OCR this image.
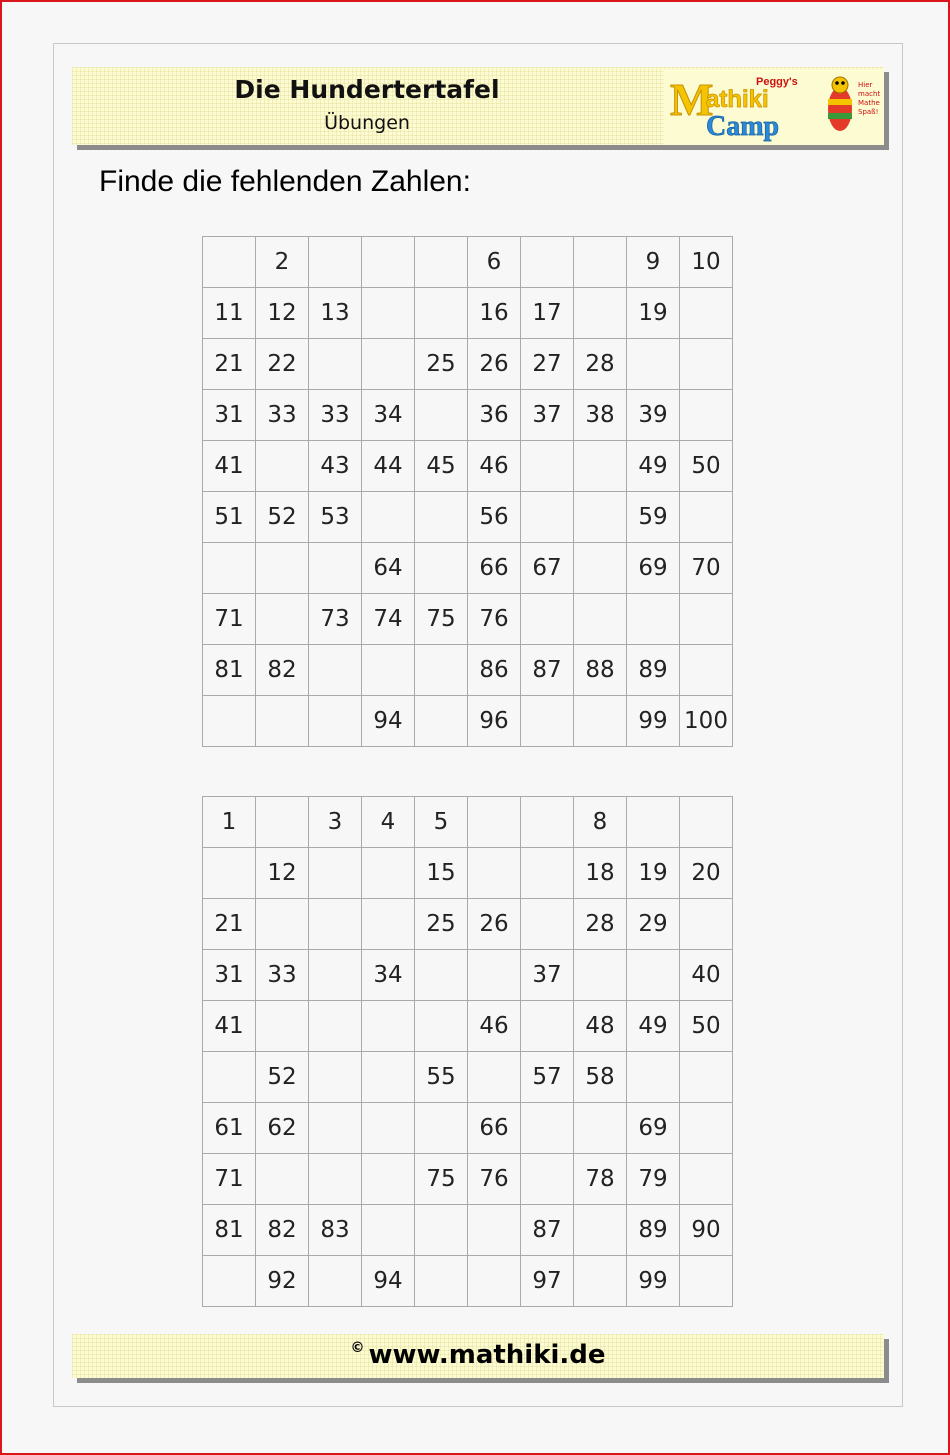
Die Hundertertafel
Übungen	M
athiki
Camp
Peggy's	Hier
macht
Mathe
Spaß!
Finde die fehlenden Zahlen:
	2				6			9	10
11	12	13			16	17		19	
21	22			25	26	27	28		
31	33	33	34		36	37	38	39	
41		43	44	45	46			49	50
51	52	53			56			59	
			64		66	67		69	70
71		73	74	75	76				
81	82				86	87	88	89	
			94		96			99	100
1		3	4	5			8		
	12			15			18	19	20
21				25	26		28	29	
31	33		34			37			40
41					46		48	49	50
	52			55		57	58		
61	62				66			69	
71				75	76		78	79	
81	82	83				87		89	90
	92		94			97		99	
© www.mathiki.de
